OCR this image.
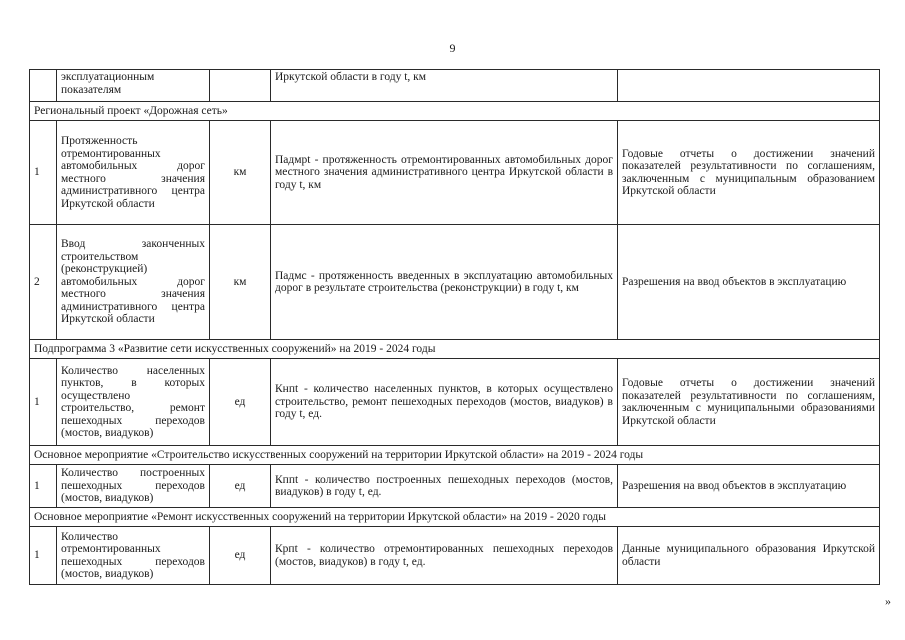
9
	эксплуатационным показателям		Иркутской области в году t, км	
Региональный проект «Дорожная сеть»				
1	Протяженность отремонтированных автомобильных дорог местного значения административного центра Иркутской области	км	Падмрt - протяженность отремонтированных автомобильных дорог местного значения административного центра Иркутской области в году t, км	Годовые отчеты о достижении значений показателей результативности по соглашениям, заключенным с муниципальным образованием Иркутской области
2	Ввод законченных строительством (реконструкцией) автомобильных дорог местного значения административного центра Иркутской области	км	Падмс - протяженность введенных в эксплуатацию автомобильных дорог в результате строительства (реконструкции) в году t, км	Разрешения на ввод объектов в эксплуатацию
Подпрограмма 3 «Развитие сети искусственных сооружений» на 2019 - 2024 годы				
1	Количество населенных пунктов, в которых осуществлено строительство, ремонт пешеходных переходов (мостов, виадуков)	ед	Кнпt - количество населенных пунктов, в которых осуществлено строительство, ремонт пешеходных переходов (мостов, виадуков) в году t, ед.	Годовые отчеты о достижении значений показателей результативности по соглашениям, заключенным с муниципальными образованиями Иркутской области
Основное мероприятие «Строительство искусственных сооружений на территории Иркутской области» на 2019 - 2024 годы				
1	Количество построенных пешеходных переходов (мостов, виадуков)	ед	Кппt - количество построенных пешеходных переходов (мостов, виадуков) в году t, ед.	Разрешения на ввод объектов в эксплуатацию
Основное мероприятие «Ремонт искусственных сооружений на территории Иркутской области» на 2019 - 2020 годы				
1	Количество отремонтированных пешеходных переходов (мостов, виадуков)	ед	Крпt - количество отремонтированных пешеходных переходов (мостов, виадуков) в году t, ед.	Данные муниципального образования Иркутской области
»
